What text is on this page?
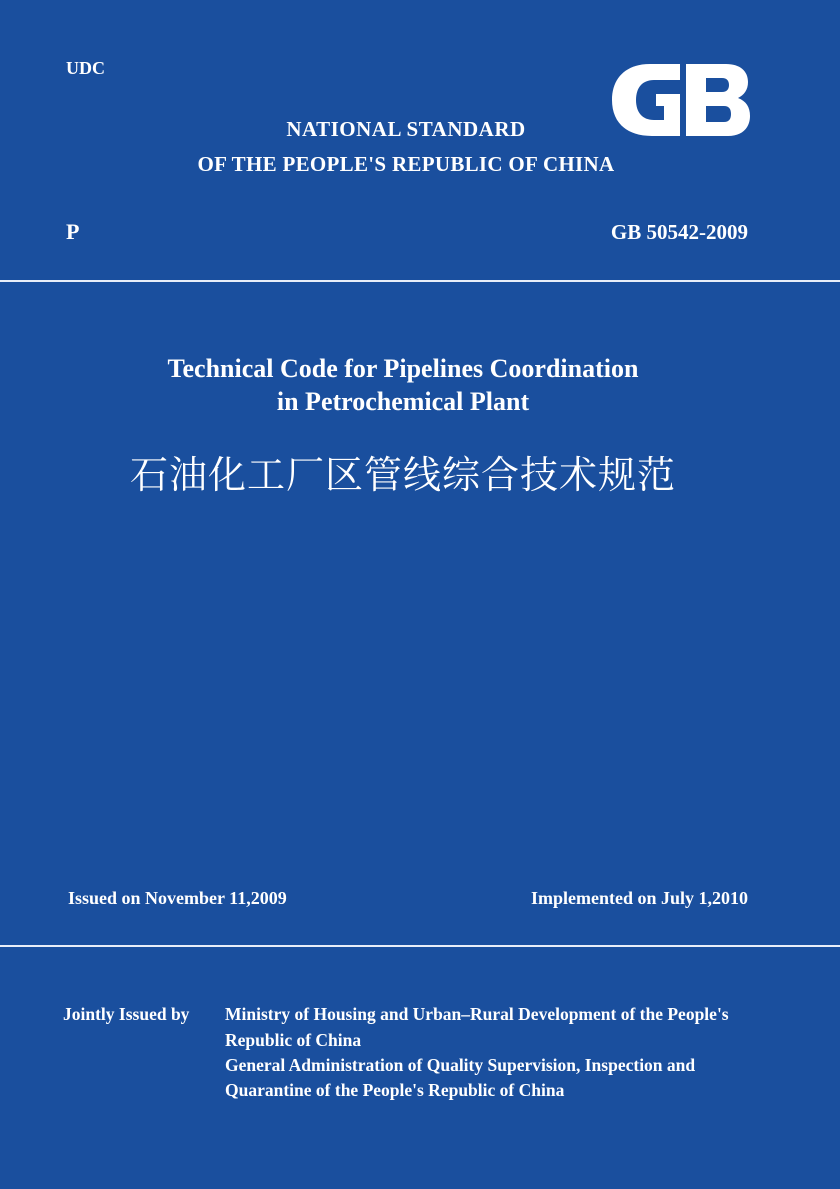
UDC	GB
NATIONAL STANDARD
OF THE PEOPLE'S REPUBLIC OF CHINA
P	GB 50542-2009
Technical Code for Pipelines Coordination
in Petrochemical Plant
石油化工厂区管线综合技术规范
Issued on November 11,2009	Implemented on July 1,2010
Jointly Issued by Ministry of Housing and Urban–Rural Development of the People's
Republic of China
General Administration of Quality Supervision, Inspection and
Quarantine of the People's Republic of China
